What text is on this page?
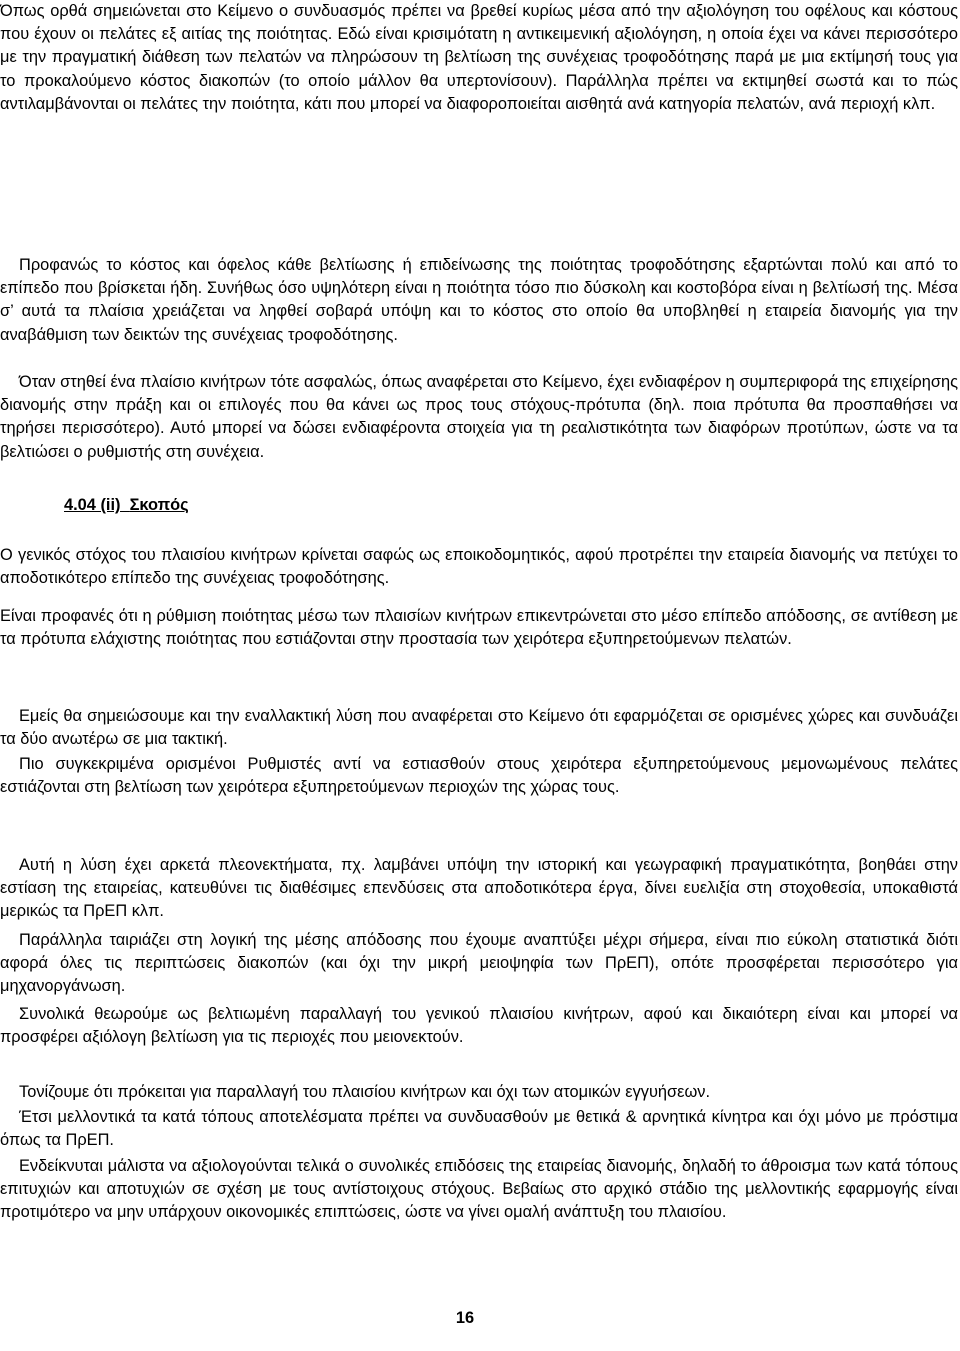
Όπως ορθά σημειώνεται στο Κείμενο ο συνδυασμός πρέπει να βρεθεί κυρίως μέσα από την αξιολόγηση του οφέλους και κόστους που έχουν οι πελάτες εξ αιτίας της ποιότητας. Εδώ είναι κρισιμότατη η αντικειμενική αξιολόγηση, η οποία έχει να κάνει περισσότερο με την πραγματική διάθεση των πελατών να πληρώσουν τη βελτίωση της συνέχειας τροφοδότησης παρά με μια εκτίμησή τους για το προκαλούμενο κόστος διακοπών (το οποίο μάλλον θα υπερτονίσουν). Παράλληλα πρέπει να εκτιμηθεί σωστά και το πώς αντιλαμβάνονται οι πελάτες την ποιότητα, κάτι που μπορεί να διαφοροποιείται αισθητά ανά κατηγορία πελατών, ανά περιοχή κλπ.

Προφανώς το κόστος και όφελος κάθε βελτίωσης ή επιδείνωσης της ποιότητας τροφοδότησης εξαρτώνται πολύ και από το επίπεδο που βρίσκεται ήδη. Συνήθως όσο υψηλότερη είναι η ποιότητα τόσο πιο δύσκολη και κοστοβόρα είναι η βελτίωσή της. Μέσα σ’ αυτά τα πλαίσια χρειάζεται να ληφθεί σοβαρά υπόψη και το κόστος στο οποίο θα υποβληθεί η εταιρεία διανομής για την αναβάθμιση των δεικτών της συνέχειας τροφοδότησης.

Όταν στηθεί ένα πλαίσιο κινήτρων τότε ασφαλώς, όπως αναφέρεται στο Κείμενο, έχει ενδιαφέρον η συμπεριφορά της επιχείρησης διανομής στην πράξη και οι επιλογές που θα κάνει ως προς τους στόχους-πρότυπα (δηλ. ποια πρότυπα θα προσπαθήσει να τηρήσει περισσότερο). Αυτό μπορεί να δώσει ενδιαφέροντα στοιχεία για τη ρεαλιστικότητα των διαφόρων προτύπων, ώστε να τα βελτιώσει ο ρυθμιστής στη συνέχεια.

4.04 (ii) Σκοπός

Ο γενικός στόχος του πλαισίου κινήτρων κρίνεται σαφώς ως εποικοδομητικός, αφού προτρέπει την εταιρεία διανομής να πετύχει το αποδοτικότερο επίπεδο της συνέχειας τροφοδότησης.

Είναι προφανές ότι η ρύθμιση ποιότητας μέσω των πλαισίων κινήτρων επικεντρώνεται στο μέσο επίπεδο απόδοσης, σε αντίθεση με τα πρότυπα ελάχιστης ποιότητας που εστιάζονται στην προστασία των χειρότερα εξυπηρετούμενων πελατών.

Εμείς θα σημειώσουμε και την εναλλακτική λύση που αναφέρεται στο Κείμενο ότι εφαρμόζεται σε ορισμένες χώρες και συνδυάζει τα δύο ανωτέρω σε μια τακτική.

Πιο συγκεκριμένα ορισμένοι Ρυθμιστές αντί να εστιασθούν στους χειρότερα εξυπηρετούμενους μεμονωμένους πελάτες εστιάζονται στη βελτίωση των χειρότερα εξυπηρετούμενων περιοχών της χώρας τους.

Αυτή η λύση έχει αρκετά πλεονεκτήματα, πχ. λαμβάνει υπόψη την ιστορική και γεωγραφική πραγματικότητα, βοηθάει στην εστίαση της εταιρείας, κατευθύνει τις διαθέσιμες επενδύσεις στα αποδοτικότερα έργα, δίνει ευελιξία στη στοχοθεσία, υποκαθιστά μερικώς τα ΠρΕΠ κλπ.

Παράλληλα ταιριάζει στη λογική της μέσης απόδοσης που έχουμε αναπτύξει μέχρι σήμερα, είναι πιο εύκολη στατιστικά διότι αφορά όλες τις περιπτώσεις διακοπών (και όχι την μικρή μειοψηφία των ΠρΕΠ), οπότε προσφέρεται περισσότερο για μηχανοργάνωση.

Συνολικά θεωρούμε ως βελτιωμένη παραλλαγή του γενικού πλαισίου κινήτρων, αφού και δικαιότερη είναι και μπορεί να προσφέρει αξιόλογη βελτίωση για τις περιοχές που μειονεκτούν.

Τονίζουμε ότι πρόκειται για παραλλαγή του πλαισίου κινήτρων και όχι των ατομικών εγγυήσεων.

Έτσι μελλοντικά τα κατά τόπους αποτελέσματα πρέπει να συνδυασθούν με θετικά & αρνητικά κίνητρα και όχι μόνο με πρόστιμα όπως τα ΠρΕΠ.

Ενδείκνυται μάλιστα να αξιολογούνται τελικά ο συνολικές επιδόσεις της εταιρείας διανομής, δηλαδή το άθροισμα των κατά τόπους επιτυχιών και αποτυχιών σε σχέση με τους αντίστοιχους στόχους. Βεβαίως στο αρχικό στάδιο της μελλοντικής εφαρμογής είναι προτιμότερο να μην υπάρχουν οικονομικές επιπτώσεις, ώστε να γίνει ομαλή ανάπτυξη του πλαισίου.

16
